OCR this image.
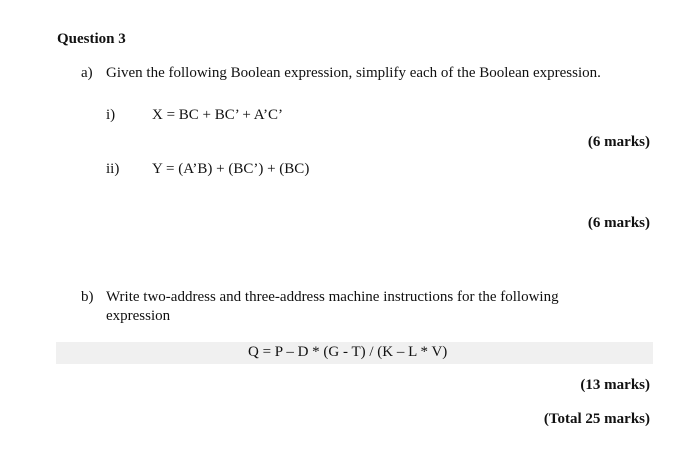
Question 3
a) Given the following Boolean expression, simplify each of the Boolean expression.
i) X = BC + BC’ + A’C’
(6 marks)
ii) Y = (A’B) + (BC’) + (BC)
(6 marks)
b) Write two-address and three-address machine instructions for the following
expression
Q = P – D * (G - T) / (K – L * V)
(13 marks)
(Total 25 marks)
